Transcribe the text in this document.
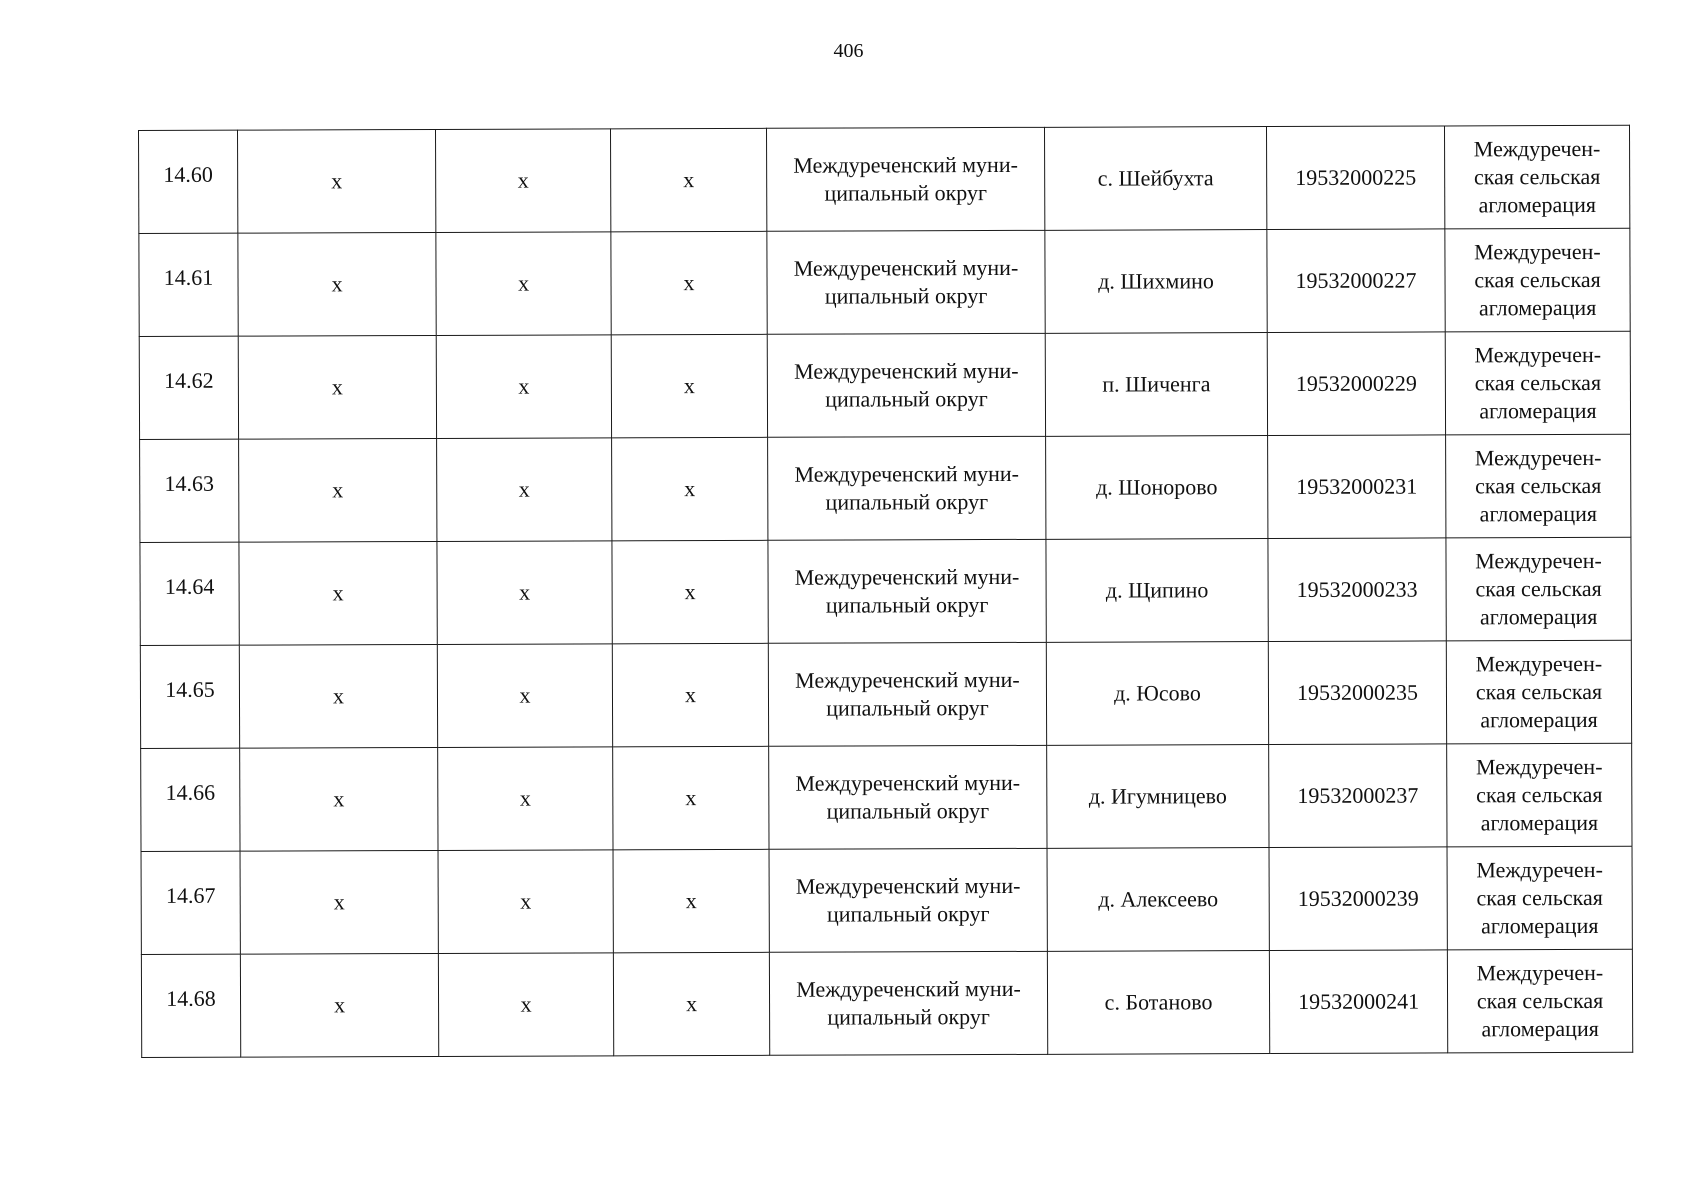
406
14.60	x	x	x	Междуреченский муни-
ципальный округ	с. Шейбухта	19532000225	Междуречен-
ская сельская
агломерация

14.61	x	x	x	Междуреченский муни-
ципальный округ	д. Шихмино	19532000227	Междуречен-
ская сельская
агломерация

14.62	x	x	x	Междуреченский муни-
ципальный округ	п. Шиченга	19532000229	Междуречен-
ская сельская
агломерация

14.63	x	x	x	Междуреченский муни-
ципальный округ	д. Шонорово	19532000231	Междуречен-
ская сельская
агломерация

14.64	x	x	x	Междуреченский муни-
ципальный округ	д. Щипино	19532000233	Междуречен-
ская сельская
агломерация

14.65	x	x	x	Междуреченский муни-
ципальный округ	д. Юсово	19532000235	Междуречен-
ская сельская
агломерация

14.66	x	x	x	Междуреченский муни-
ципальный округ	д. Игумницево	19532000237	Междуречен-
ская сельская
агломерация

14.67	x	x	x	Междуреченский муни-
ципальный округ	д. Алексеево	19532000239	Междуречен-
ская сельская
агломерация

14.68	x	x	x	Междуреченский муни-
ципальный округ	с. Ботаново	19532000241	Междуречен-
ская сельская
агломерация
